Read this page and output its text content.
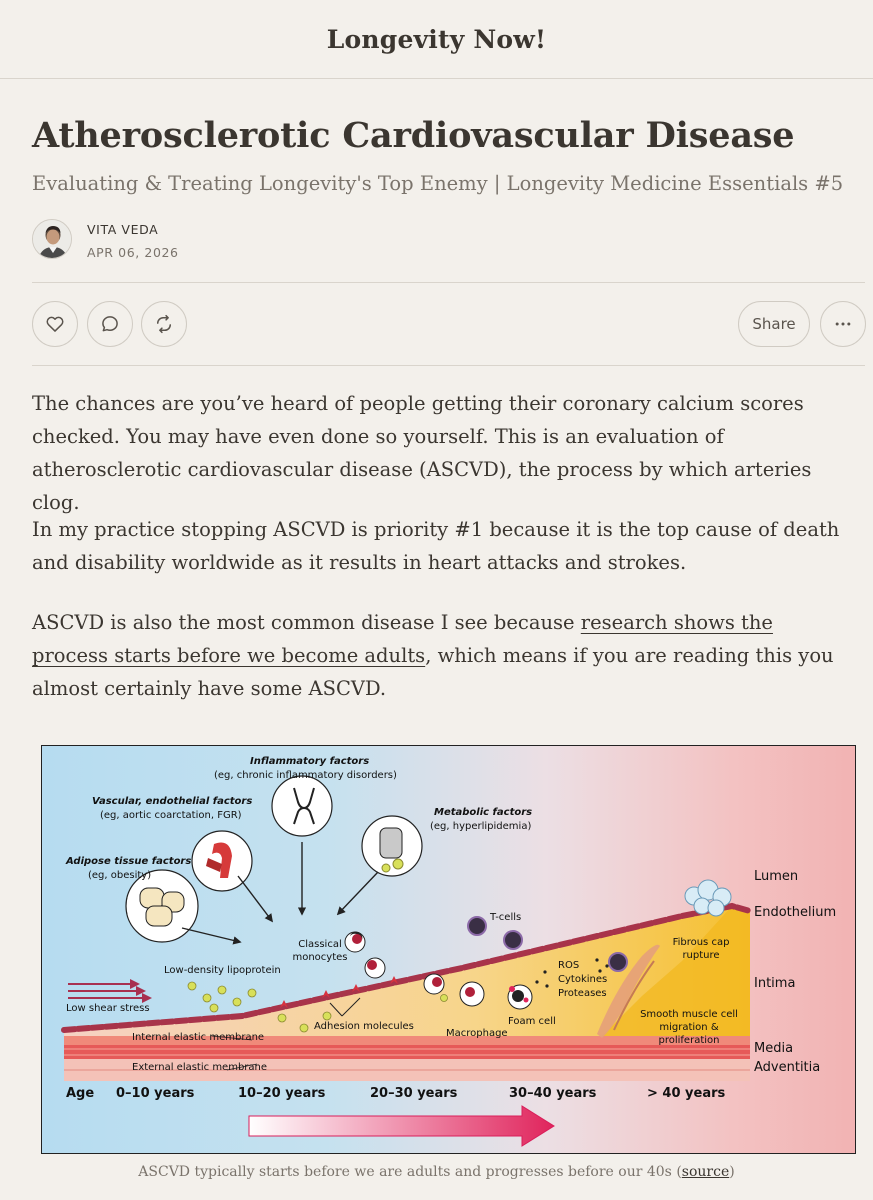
Longevity Now!
Atherosclerotic Cardiovascular Disease
Evaluating & Treating Longevity's Top Enemy | Longevity Medicine Essentials #5
VITA VEDA
APR 06, 2026
Share

The chances are you’ve heard of people getting their coronary calcium scores checked. You may have even done so yourself. This is an evaluation of atherosclerotic cardiovascular disease (ASCVD), the process by which arteries clog.

In my practice stopping ASCVD is priority #1 because it is the top cause of death and disability worldwide as it results in heart attacks and strokes.

ASCVD is also the most common disease I see because research shows the process starts before we become adults, which means if you are reading this you almost certainly have some ASCVD.

Inflammatory factors
(eg, chronic inflammatory disorders)
Vascular, endothelial factors
(eg, aortic coarctation, FGR)	Metabolic factors
(eg, hyperlipidemia)
Adipose tissue factors
(eg, obesity)
Classical monocytes
T-cells
Low-density lipoprotein
Low shear stress
Adhesion molecules
Macrophage
Foam cell
ROS
Cytokines
Proteases
Fibrous cap rupture
Smooth muscle cell migration & proliferation
Internal elastic membrane
External elastic membrane
Lumen
Endothelium
Intima
Media
Adventitia
Age 0–10 years	10–20 years	20–30 years	30–40 years	> 40 years
ASCVD typically starts before we are adults and progresses before our 40s (source)
